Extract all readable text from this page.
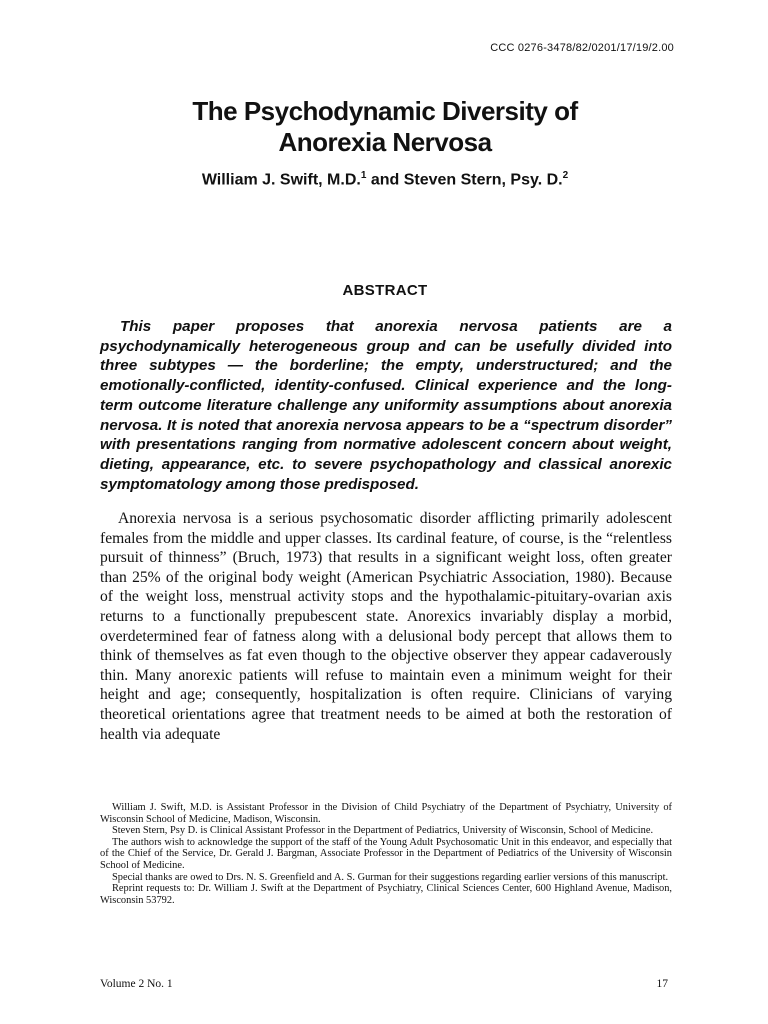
CCC 0276-3478/82/0201/17/19/2.00
The Psychodynamic Diversity of
Anorexia Nervosa
William J. Swift, M.D.$^1$ and Steven Stern, Psy. D.$^2$
ABSTRACT

This paper proposes that anorexia nervosa patients are a psychodynamically heterogeneous group and can be usefully divided into three subtypes — the borderline; the empty, understructured; and the emotionally-conflicted, identity-confused. Clinical experience and the long-term outcome literature challenge any uniformity assumptions about anorexia nervosa. It is noted that anorexia nervosa appears to be a “spectrum disorder” with presentations ranging from normative adolescent concern about weight, dieting, appearance, etc. to severe psychopathology and classical anorexic symptomatology among those predisposed.

Anorexia nervosa is a serious psychosomatic disorder afflicting primarily adolescent females from the middle and upper classes. Its cardinal feature, of course, is the “relentless pursuit of thinness” (Bruch, 1973) that results in a significant weight loss, often greater than 25% of the original body weight (American Psychiatric Association, 1980). Because of the weight loss, menstrual activity stops and the hypothalamic-pituitary-ovarian axis returns to a functionally prepubescent state. Anorexics invariably display a morbid, overdetermined fear of fatness along with a delusional body percept that allows them to think of themselves as fat even though to the objective observer they appear cadaverously thin. Many anorexic patients will refuse to maintain even a minimum weight for their height and age; consequently, hospitalization is often require. Clinicians of varying theoretical orientations agree that treatment needs to be aimed at both the restoration of health via adequate

William J. Swift, M.D. is Assistant Professor in the Division of Child Psychiatry of the Department of Psychiatry, University of Wisconsin School of Medicine, Madison, Wisconsin.

Steven Stern, Psy D. is Clinical Assistant Professor in the Department of Pediatrics, University of Wisconsin, School of Medicine.

The authors wish to acknowledge the support of the staff of the Young Adult Psychosomatic Unit in this endeavor, and especially that of the Chief of the Service, Dr. Gerald J. Bargman, Associate Professor in the Department of Pediatrics of the University of Wisconsin School of Medicine.

Special thanks are owed to Drs. N. S. Greenfield and A. S. Gurman for their suggestions regarding earlier versions of this manuscript.

Reprint requests to: Dr. William J. Swift at the Department of Psychiatry, Clinical Sciences Center, 600 Highland Avenue, Madison, Wisconsin 53792.

Volume 2 No. 1	17
